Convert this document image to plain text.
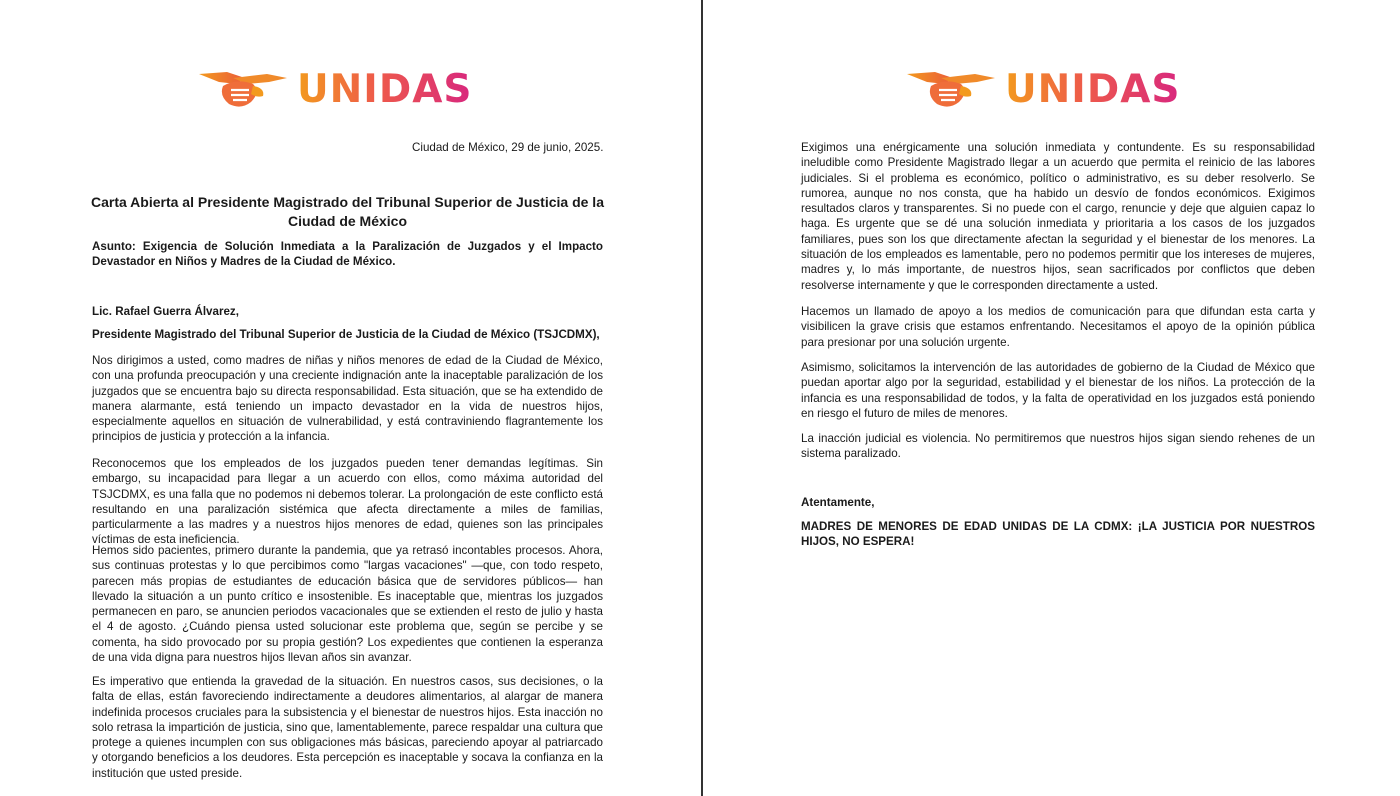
UNIDAS
Ciudad de México, 29 de junio, 2025.
Carta Abierta al Presidente Magistrado del Tribunal Superior de Justicia de la Ciudad de México
Asunto: Exigencia de Solución Inmediata a la Paralización de Juzgados y el Impacto Devastador en Niños y Madres de la Ciudad de México.
Lic. Rafael Guerra Álvarez,
Presidente Magistrado del Tribunal Superior de Justicia de la Ciudad de México (TSJCDMX),
Nos dirigimos a usted, como madres de niñas y niños menores de edad de la Ciudad de México, con una profunda preocupación y una creciente indignación ante la inaceptable paralización de los juzgados que se encuentra bajo su directa responsabilidad. Esta situación, que se ha extendido de manera alarmante, está teniendo un impacto devastador en la vida de nuestros hijos, especialmente aquellos en situación de vulnerabilidad, y está contraviniendo flagrantemente los principios de justicia y protección a la infancia.
Reconocemos que los empleados de los juzgados pueden tener demandas legítimas. Sin embargo, su incapacidad para llegar a un acuerdo con ellos, como máxima autoridad del TSJCDMX, es una falla que no podemos ni debemos tolerar. La prolongación de este conflicto está resultando en una paralización sistémica que afecta directamente a miles de familias, particularmente a las madres y a nuestros hijos menores de edad, quienes son las principales víctimas de esta ineficiencia.
Hemos sido pacientes, primero durante la pandemia, que ya retrasó incontables procesos. Ahora, sus continuas protestas y lo que percibimos como "largas vacaciones" —que, con todo respeto, parecen más propias de estudiantes de educación básica que de servidores públicos— han llevado la situación a un punto crítico e insostenible. Es inaceptable que, mientras los juzgados permanecen en paro, se anuncien periodos vacacionales que se extienden el resto de julio y hasta el 4 de agosto. ¿Cuándo piensa usted solucionar este problema que, según se percibe y se comenta, ha sido provocado por su propia gestión? Los expedientes que contienen la esperanza de una vida digna para nuestros hijos llevan años sin avanzar.
Es imperativo que entienda la gravedad de la situación. En nuestros casos, sus decisiones, o la falta de ellas, están favoreciendo indirectamente a deudores alimentarios, al alargar de manera indefinida procesos cruciales para la subsistencia y el bienestar de nuestros hijos. Esta inacción no solo retrasa la impartición de justicia, sino que, lamentablemente, parece respaldar una cultura que protege a quienes incumplen con sus obligaciones más básicas, pareciendo apoyar al patriarcado y otorgando beneficios a los deudores. Esta percepción es inaceptable y socava la confianza en la institución que usted preside.
UNIDAS
Exigimos una enérgicamente una solución inmediata y contundente. Es su responsabilidad ineludible como Presidente Magistrado llegar a un acuerdo que permita el reinicio de las labores judiciales. Si el problema es económico, político o administrativo, es su deber resolverlo. Se rumorea, aunque no nos consta, que ha habido un desvío de fondos económicos. Exigimos resultados claros y transparentes. Si no puede con el cargo, renuncie y deje que alguien capaz lo haga. Es urgente que se dé una solución inmediata y prioritaria a los casos de los juzgados familiares, pues son los que directamente afectan la seguridad y el bienestar de los menores. La situación de los empleados es lamentable, pero no podemos permitir que los intereses de mujeres, madres y, lo más importante, de nuestros hijos, sean sacrificados por conflictos que deben resolverse internamente y que le corresponden directamente a usted.
Hacemos un llamado de apoyo a los medios de comunicación para que difundan esta carta y visibilicen la grave crisis que estamos enfrentando. Necesitamos el apoyo de la opinión pública para presionar por una solución urgente.
Asimismo, solicitamos la intervención de las autoridades de gobierno de la Ciudad de México que puedan aportar algo por la seguridad, estabilidad y el bienestar de los niños. La protección de la infancia es una responsabilidad de todos, y la falta de operatividad en los juzgados está poniendo en riesgo el futuro de miles de menores.
La inacción judicial es violencia. No permitiremos que nuestros hijos sigan siendo rehenes de un sistema paralizado.
Atentamente,
MADRES DE MENORES DE EDAD UNIDAS DE LA CDMX: ¡LA JUSTICIA POR NUESTROS HIJOS, NO ESPERA!
